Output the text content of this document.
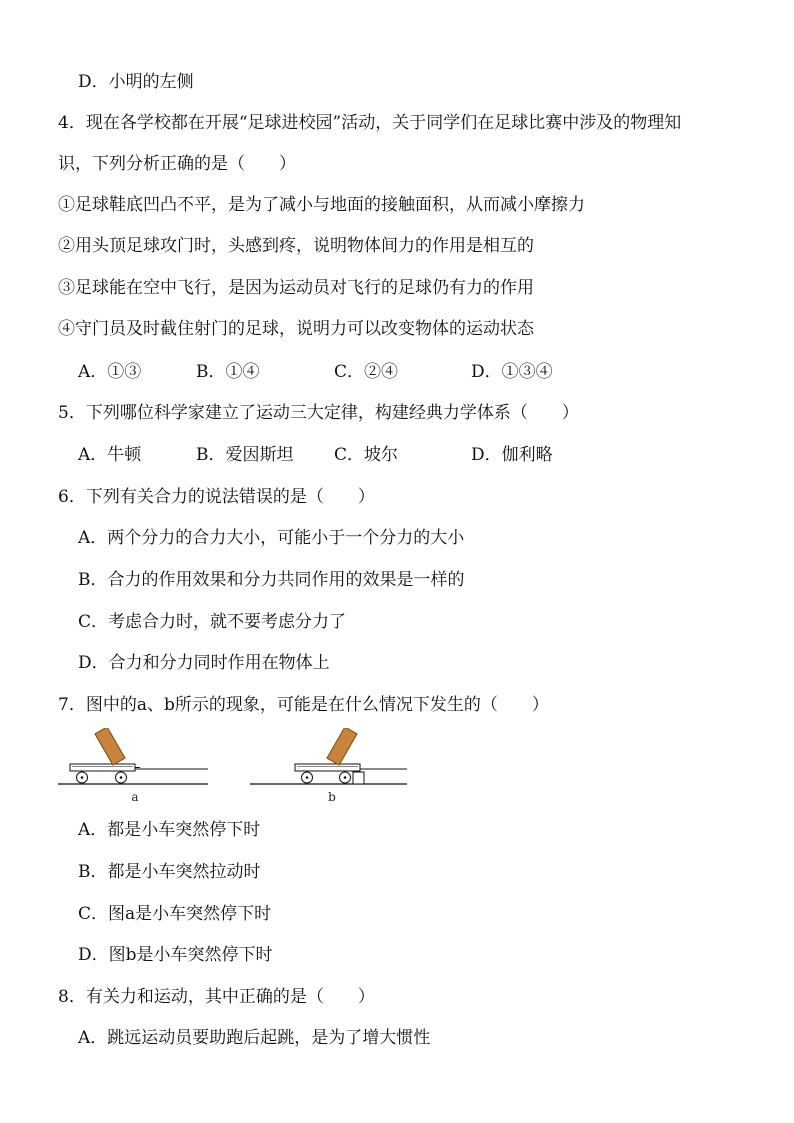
D．小明的左侧

4．现在各学校都在开展“足球进校园”活动，关于同学们在足球比赛中涉及的物理知

识，下列分析正确的是（　　）

①足球鞋底凹凸不平，是为了减小与地面的接触面积，从而减小摩擦力

②用头顶足球攻门时，头感到疼，说明物体间力的作用是相互的

③足球能在空中飞行，是因为运动员对飞行的足球仍有力的作用

④守门员及时截住射门的足球，说明力可以改变物体的运动状态

A．①③	B．①④	C．②④	D．①③④

5．下列哪位科学家建立了运动三大定律，构建经典力学体系（　　）

A．牛顿	B．爱因斯坦 C．坡尔	D．伽利略

6．下列有关合力的说法错误的是（　　）

A．两个分力的合力大小，可能小于一个分力的大小

B．合力的作用效果和分力共同作用的效果是一样的

C．考虑合力时，就不要考虑分力了

D．合力和分力同时作用在物体上

7．图中的a、b所示的现象，可能是在什么情况下发生的（　　）

a	b

A．都是小车突然停下时

B．都是小车突然拉动时

C．图a是小车突然停下时

D．图b是小车突然停下时

8．有关力和运动，其中正确的是（　　）

A．跳远运动员要助跑后起跳，是为了增大惯性
